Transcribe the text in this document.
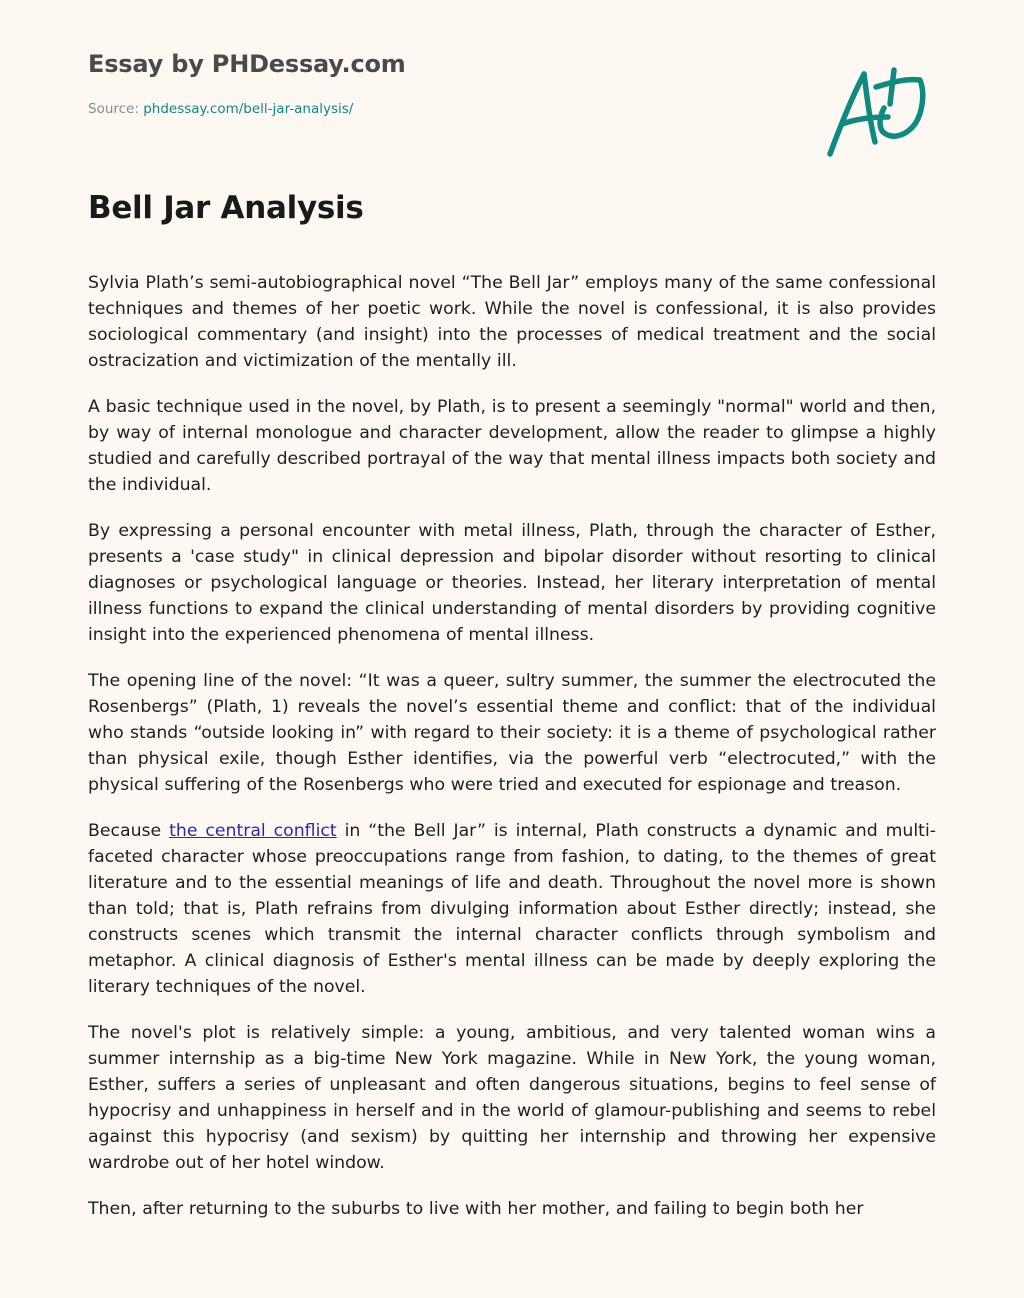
Essay by PHDessay.com

Source: phdessay.com/bell-jar-analysis/

Bell Jar Analysis

Sylvia Plath’s semi-autobiographical novel “The Bell Jar” employs many of the same confessional techniques and themes of her poetic work. While the novel is confessional, it is also provides sociological commentary (and insight) into the processes of medical treatment and the social ostracization and victimization of the mentally ill.

A basic technique used in the novel, by Plath, is to present a seemingly "normal" world and then, by way of internal monologue and character development, allow the reader to glimpse a highly studied and carefully described portrayal of the way that mental illness impacts both society and the individual.

By expressing a personal encounter with metal illness, Plath, through the character of Esther, presents a 'case study" in clinical depression and bipolar disorder without resorting to clinical diagnoses or psychological language or theories. Instead, her literary interpretation of mental illness functions to expand the clinical understanding of mental disorders by providing cognitive insight into the experienced phenomena of mental illness.

The opening line of the novel: “It was a queer, sultry summer, the summer the electrocuted the Rosenbergs” (Plath, 1) reveals the novel’s essential theme and conflict: that of the individual who stands “outside looking in” with regard to their society: it is a theme of psychological rather than physical exile, though Esther identifies, via the powerful verb “electrocuted,” with the physical suffering of the Rosenbergs who were tried and executed for espionage and treason.

Because the central conflict in “the Bell Jar” is internal, Plath constructs a dynamic and multi-faceted character whose preoccupations range from fashion, to dating, to the themes of great literature and to the essential meanings of life and death. Throughout the novel more is shown than told; that is, Plath refrains from divulging information about Esther directly; instead, she constructs scenes which transmit the internal character conflicts through symbolism and metaphor. A clinical diagnosis of Esther's mental illness can be made by deeply exploring the literary techniques of the novel.

The novel's plot is relatively simple: a young, ambitious, and very talented woman wins a summer internship as a big-time New York magazine. While in New York, the young woman, Esther, suffers a series of unpleasant and often dangerous situations, begins to feel sense of hypocrisy and unhappiness in herself and in the world of glamour-publishing and seems to rebel against this hypocrisy (and sexism) by quitting her internship and throwing her expensive wardrobe out of her hotel window.

Then, after returning to the suburbs to live with her mother, and failing to begin both her
